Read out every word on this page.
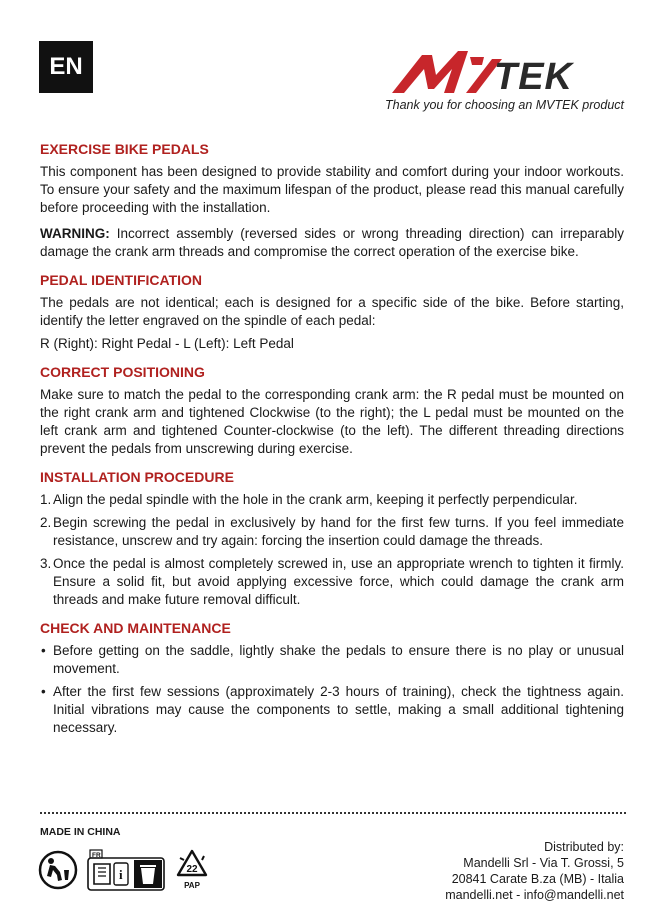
EN	TEK
Thank you for choosing an MVTEK product
EXERCISE BIKE PEDALS

This component has been designed to provide stability and comfort during your indoor workouts. To ensure your safety and the maximum lifespan of the product, please read this manual carefully before proceeding with the installation.

WARNING: Incorrect assembly (reversed sides or wrong threading direction) can irreparably damage the crank arm threads and compromise the correct operation of the exercise bike.

PEDAL IDENTIFICATION

The pedals are not identical; each is designed for a specific side of the bike. Before starting, identify the letter engraved on the spindle of each pedal:

R (Right): Right Pedal - L (Left): Left Pedal

CORRECT POSITIONING

Make sure to match the pedal to the corresponding crank arm: the R pedal must be mounted on the right crank arm and tightened Clockwise (to the right); the L pedal must be mounted on the left crank arm and tightened Counter-clockwise (to the left). The different threading directions prevent the pedals from unscrewing during exercise.

INSTALLATION PROCEDURE
1. Align the pedal spindle with the hole in the crank arm, keeping it perfectly perpendicular.
2. Begin screwing the pedal in exclusively by hand for the first few turns. If you feel immediate resistance, unscrew and try again: forcing the insertion could damage the threads.
3. Once the pedal is almost completely screwed in, use an appropriate wrench to tighten it firmly. Ensure a solid fit, but avoid applying excessive force, which could damage the crank arm threads and make future removal difficult.
CHECK AND MAINTENANCE
• Before getting on the saddle, lightly shake the pedals to ensure there is no play or unusual movement.
• After the first few sessions (approximately 2-3 hours of training), check the tightness again. Initial vibrations may cause the components to settle, making a small additional tightening necessary.
MADE IN CHINA
FR
i	22
PAP
Distributed by:
Mandelli Srl - Via T. Grossi, 5
20841 Carate B.za (MB) - Italia
mandelli.net - info@mandelli.net
